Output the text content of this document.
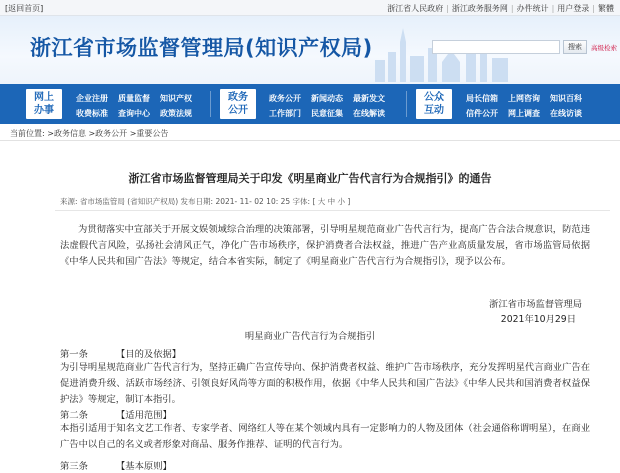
[返回首页]	浙江省人民政府 | 浙江政务服务网 | 办件统计 | 用户登录 | 繁體
浙江省市场监督管理局(知识产权局)	搜索	高级检索
网上
办事
企业注册 质量监督 知识产权
收费标准 查询中心 政策法规
政务
公开
政务公开 新闻动态 最新发文
工作部门 民意征集 在线解读
公众
互动
局长信箱 上网咨询 知识百科
信件公开 网上调查 在线访谈
当前位置: >政务信息 >政务公开 >重要公告
浙江省市场监督管理局关于印发《明星商业广告代言行为合规指引》的通告
来源: 省市场监管局 (省知识产权局) 发布日期: 2021- 11- 02 10: 25 字体: [ 大 中 小 ]
为贯彻落实中宣部关于开展文娱领域综合治理的决策部署，引导明星规范商业广告代言行为，提高广告合法合规意识，防范违法虚假代言风险，弘扬社会清风正气，净化广告市场秩序，保护消费者合法权益，推进广告产业高质量发展，省市场监管局依据《中华人民共和国广告法》等规定，结合本省实际，制定了《明星商业广告代言行为合规指引》，现予以公布。
浙江省市场监督管理局
2021年10月29日
明星商业广告代言行为合规指引
第一条	【目的及依据】
为引导明星规范商业广告代言行为，坚持正确广告宣传导向、保护消费者权益、维护广告市场秩序，充分发挥明星代言商业广告在促进消费升级、活跃市场经济、引领良好风尚等方面的积极作用，依据《中华人民共和国广告法》《中华人民共和国消费者权益保护法》等规定，制订本指引。
第二条	【适用范围】
本指引适用于知名文艺工作者、专家学者、网络红人等在某个领域内具有一定影响力的人物及团体（社会通俗称谓明星），在商业广告中以自己的名义或者形象对商品、服务作推荐、证明的代言行为。
第三条	【基本原则】
